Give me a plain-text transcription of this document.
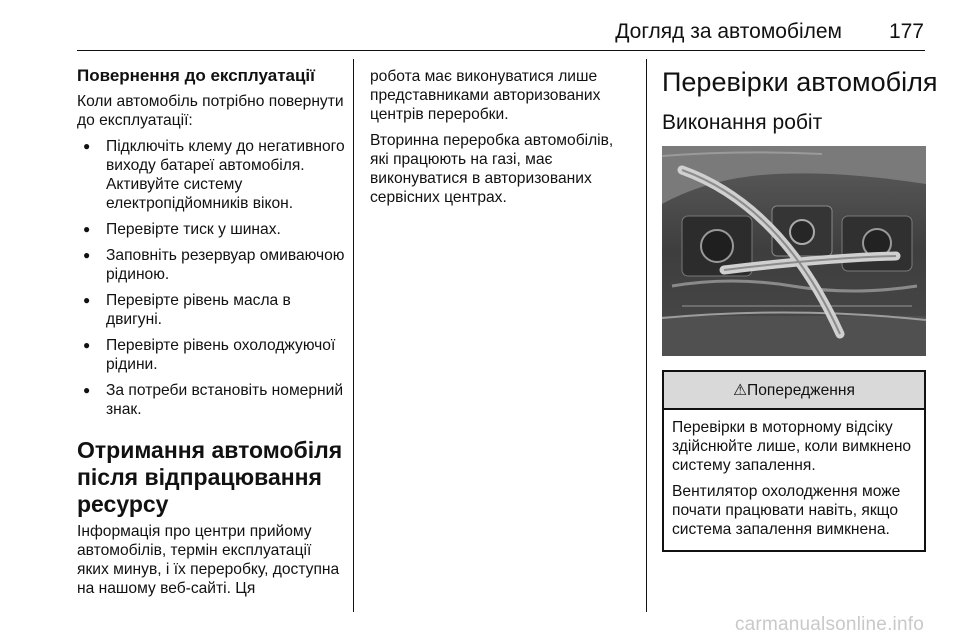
Догляд за автомобілем 177
Повернення до експлуатації
Коли автомобіль потрібно повернути до експлуатації:
● Підключіть клему до негативного виходу батареї автомобіля. Активуйте систему електропідйомників вікон.
● Перевірте тиск у шинах.
● Заповніть резервуар омиваючою рідиною.
● Перевірте рівень масла в двигуні.
● Перевірте рівень охолоджуючої рідини.
● За потреби встановіть номерний знак.
Отримання автомобіля після відпрацювання ресурсу
Інформація про центри прийому автомобілів, термін експлуатації яких минув, і їх переробку, доступна на нашому веб-сайті. Ця
робота має виконуватися лише представниками авторизованих центрів переробки.
Вторинна переробка автомобілів, які працюють на газі, має виконуватися в авторизованих сервісних центрах.
Перевірки автомобіля
Виконання робіт
⚠Попередження
Перевірки в моторному відсіку здійснюйте лише, коли вимкнено систему запалення.
Вентилятор охолодження може почати працювати навіть, якщо система запалення вимкнена.
carmanualsonline.info
